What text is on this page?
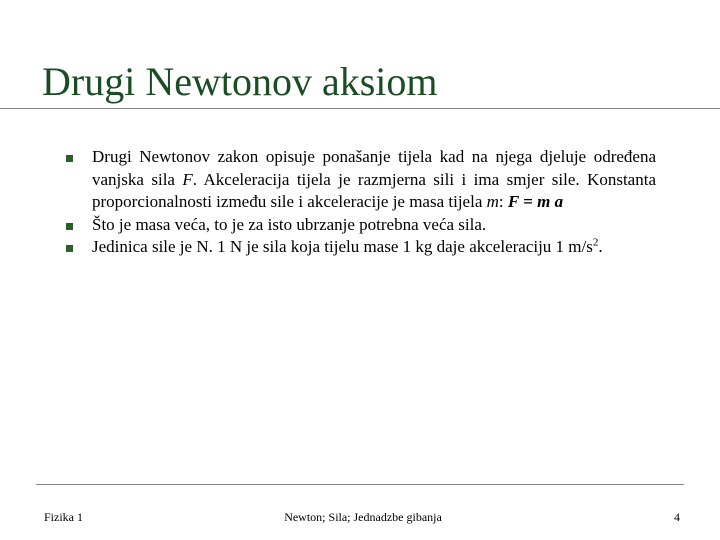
Drugi Newtonov aksiom
Drugi Newtonov zakon opisuje ponašanje tijela kad na njega djeluje određena vanjska sila F. Akceleracija tijela je razmjerna sili i ima smjer sile. Konstanta proporcionalnosti između sile i akceleracije je masa tijela m: F = m a
Što je masa veća, to je za isto ubrzanje potrebna veća sila.
Jedinica sile je N. 1 N je sila koja tijelu mase 1 kg daje akceleraciju 1 $m/s^2$.
Fizika 1	Newton; Sila; Jednadzbe gibanja	4
